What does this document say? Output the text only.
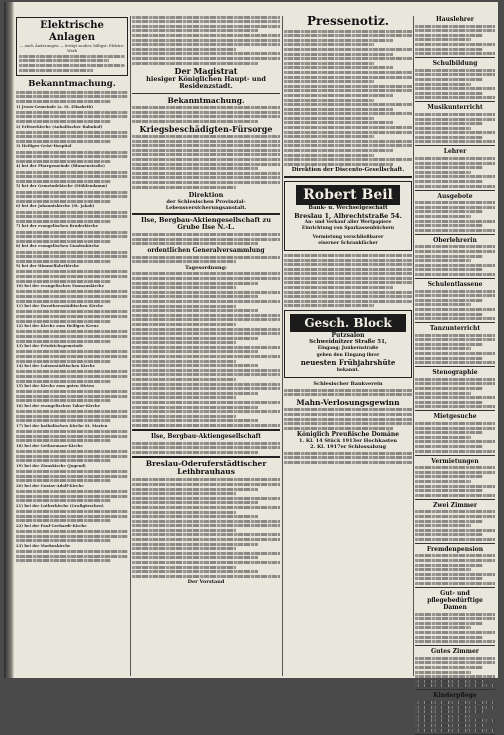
Elektrische Anlagen

— auch Änderungen — fertigt sauber, billigst: Elektro-Werk

Bekanntmachung.

1) Jesus-Gemeinde (a. St. Elisabeth)

2) Erlöserkirche (Anhaltischer Bahnhof)

3) Heiliges-Geist-Hospital

4) bei der Pfarrgemeinde (Blumenstraße)

5) bei der Gemeindekirche (Mühlendamm)

6) bei der Johanniskirche (St. Jakob)

7) bei der evangelischen Bruderkirche

8) bei der evangelischen Gnadenkirche

9) bei der Himmelfahrtkirche

10) bei der evangelischen Emmauskirche

11) bei der Dorotheenstädtischen Kirche

12) bei der Kirche zum Heiligen Kreuz

13) bei der Friedrichsgemeinde

14) bei der Luisenstädtischen Kirche

15) bei der Kirche zum guten Hirten

16) bei der evangelischen Tabor-Kirche

17) bei der katholischen Kirche St. Marien

18) bei der Gethsemane-Kirche

19) bei der Zionskirche (Jugend)

20) bei der Gustav-Adolf-Kirche

21) bei der Lutherkirche (Großgörschen)

22) bei der Paul-Gerhardt-Kirche

23) bei der Markuskirche

Der Magistrat
hiesiger Königlichen Haupt- und Residenzstadt.
Bekanntmachung.
Kriegsbeschädigten-Fürsorge
Direktion
der Schlesischen Provinzial-Lebensversicherungsanstalt.
Ilse, Bergbau-Aktiengesellschaft zu Grube Ilse N.-L.
ordentlichen Generalversammlung
Tagesordnung:
Ilse, Bergbau-Aktiengesellschaft
Breslau-Oderuferstädtischer Leihbrauhaus
Der Vorstand
Pressenotiz.
Direktion der Discento-Gesellschaft.
Robert Beil
Bank- u. Wechselgeschäft
Breslau 1, Albrechtstraße 54.
An- und Verkauf aller Wertpapiere
Einrichtung von Sparkassenbüchern
Vermietung verschließbarer
eiserner Schrankfächer
Gesch. Block
Putzsalon
Schweidnitzer Straße 51,
Eingang: Junkernstraße
geben den Eingang ihrer
neuesten Frühjahrshüte
bekannt.
Schlesischer Bankverein
Mahn-Verlosungsgewinn
Königlich Preußische Domäne
1. Kl. 14 Stück 1913er Hochkasten
2. Kl. 1917er Schlossabzug
Hauslehrer
Schulbildung
Musikunterricht
Lehrer
Ausgebote
Oberlehrerin
Schulentlassene
Tanzunterricht
Stenographie
Mietgesuche
Vermietungen
Zwei Zimmer
Fremdenpension
Gut- und pflegebedürftige Damen
Gutes Zimmer
Kinderpflege
